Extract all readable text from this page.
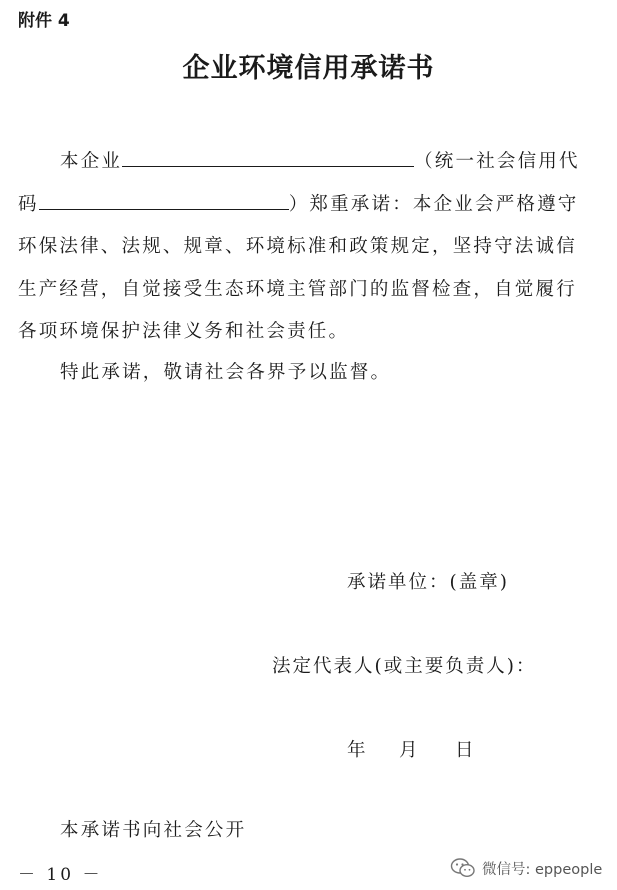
附件 4
企业环境信用承诺书
本企业	（统一社会信用代
码	）郑重承诺：本企业会严格遵守
环保法律、法规、规章、环境标准和政策规定，坚持守法诚信
生产经营，自觉接受生态环境主管部门的监督检查，自觉履行
各项环境保护法律义务和社会责任。
特此承诺，敬请社会各界予以监督。
承诺单位：(盖章)
法定代表人(或主要负责人)：
年 月 日
本承诺书向社会公开
－ 10 －	微信号: eppeople
